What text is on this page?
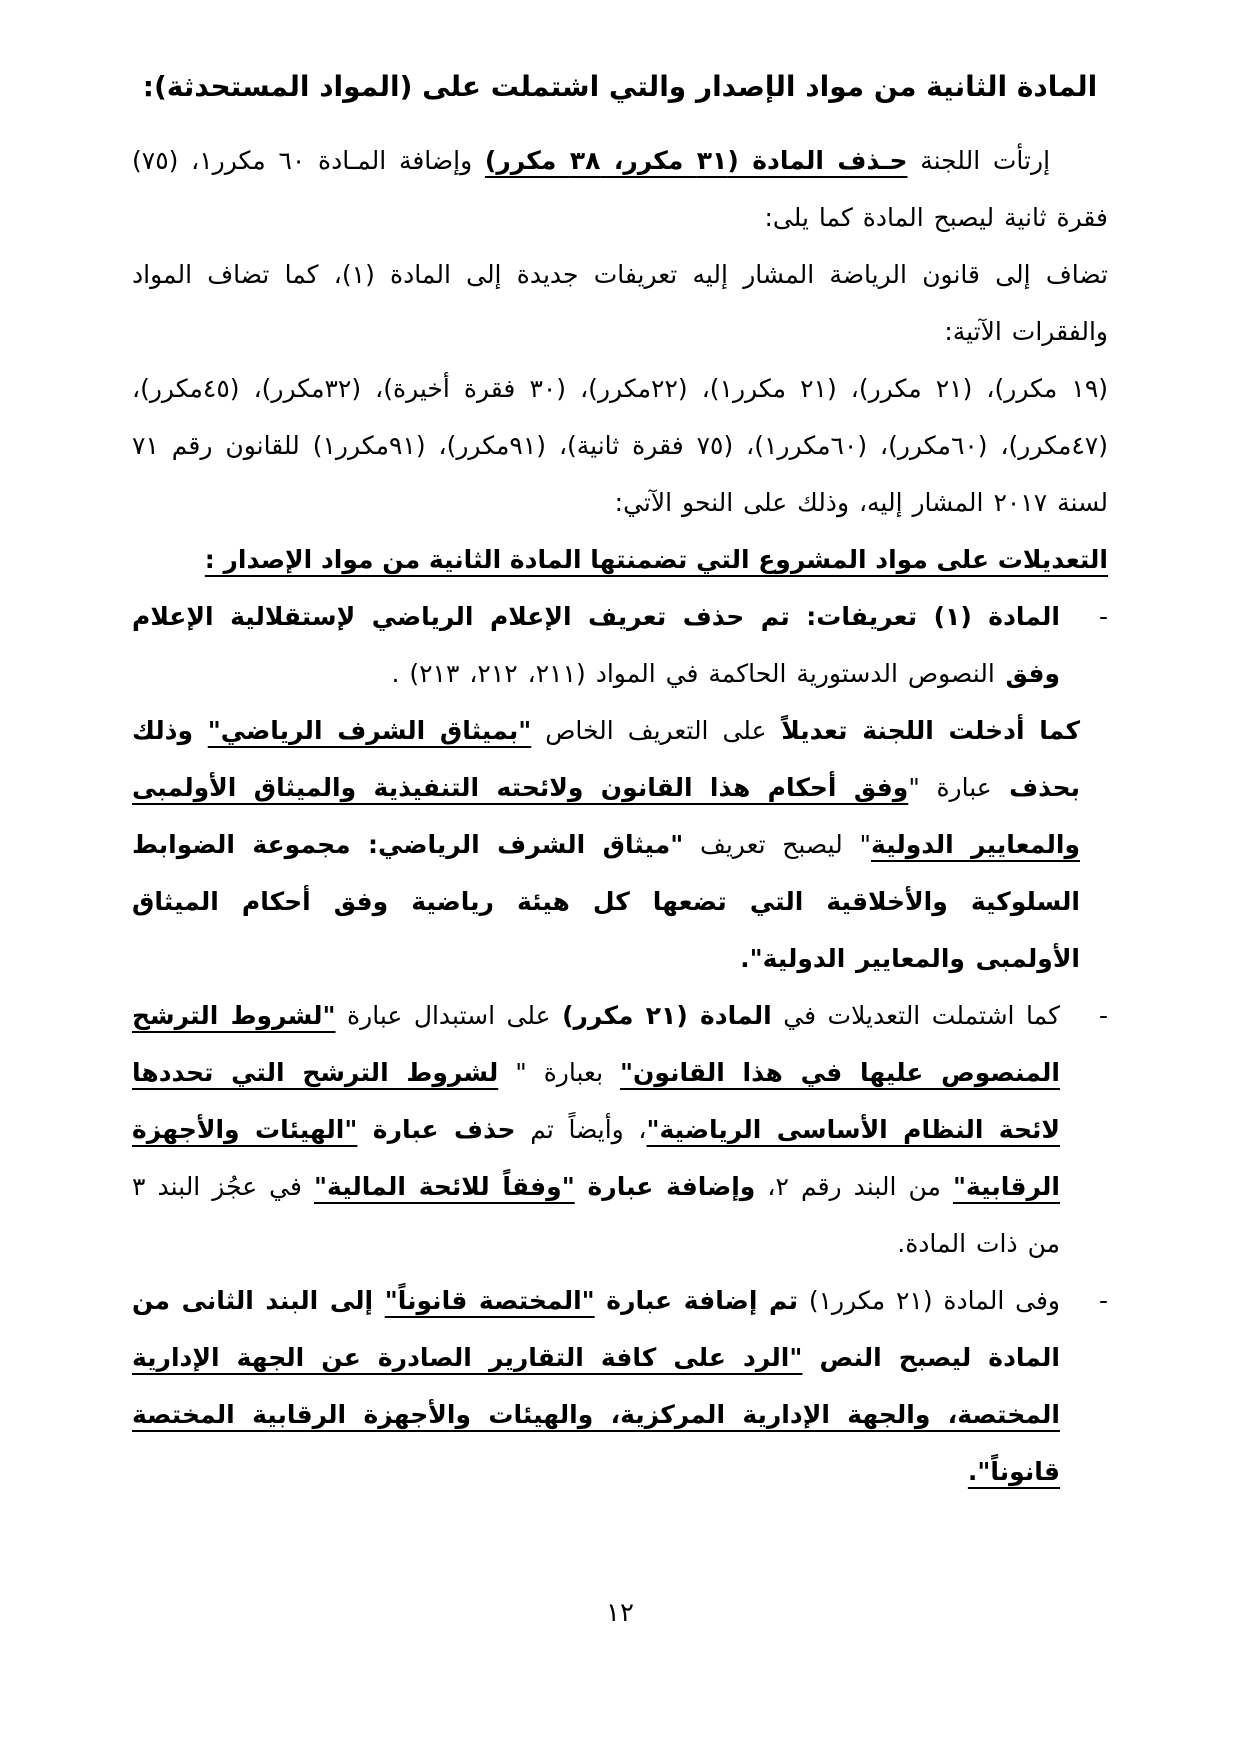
المادة الثانية من مواد الإصدار والتي اشتملت على (المواد المستحدثة):

إرتأت اللجنة حـذف المادة (٣١ مكرر، ٣٨ مكرر) وإضافة المـادة ٦٠ مكرر١، (٧٥) فقرة ثانية ليصبح المادة كما يلى:

تضاف إلى قانون الرياضة المشار إليه تعريفات جديدة إلى المادة (١)، كما تضاف المواد والفقرات الآتية:

(١٩ مكرر)، (٢١ مكرر)، (٢١ مكرر١)، (٢٢مكرر)، (٣٠ فقرة أخيرة)، (٣٢مكرر)، (٤٥مكرر)، (٤٧مكرر)، (٦٠مكرر)، (٦٠مكرر١)، (٧٥ فقرة ثانية)، (٩١مكرر)، (٩١مكرر١) للقانون رقم ٧١ لسنة ٢٠١٧ المشار إليه، وذلك على النحو الآتي:

التعديلات على مواد المشروع التي تضمنتها المادة الثانية من مواد الإصدار :
-

المادة (١) تعريفات: تم حذف تعريف الإعلام الرياضي لإستقلالية الإعلام وفق النصوص الدستورية الحاكمة في المواد (٢١١، ٢١٢، ٢١٣) .

كما أدخلت اللجنة تعديلاً على التعريف الخاص "بميثاق الشرف الرياضي" وذلك بحذف عبارة "وفق أحكام هذا القانون ولائحته التنفيذية والميثاق الأولمبى والمعايير الدولية" ليصبح تعريف "ميثاق الشرف الرياضي: مجموعة الضوابط السلوكية والأخلاقية التي تضعها كل هيئة رياضية وفق أحكام الميثاق الأولمبى والمعايير الدولية".

-

كما اشتملت التعديلات في المادة (٢١ مكرر) على استبدال عبارة "لشروط الترشح المنصوص عليها في هذا القانون" بعبارة " لشروط الترشح التي تحددها لائحة النظام الأساسى الرياضية"، وأيضاً تم حذف عبارة "الهيئات والأجهزة الرقابية" من البند رقم ٢، وإضافة عبارة "وفقاً للائحة المالية" في عجُز البند ٣ من ذات المادة.

-

وفى المادة (٢١ مكرر١) تم إضافة عبارة "المختصة قانوناً" إلى البند الثانى من المادة ليصبح النص "الرد على كافة التقارير الصادرة عن الجهة الإدارية المختصة، والجهة الإدارية المركزية، والهيئات والأجهزة الرقابية المختصة قانوناً".

١٢
